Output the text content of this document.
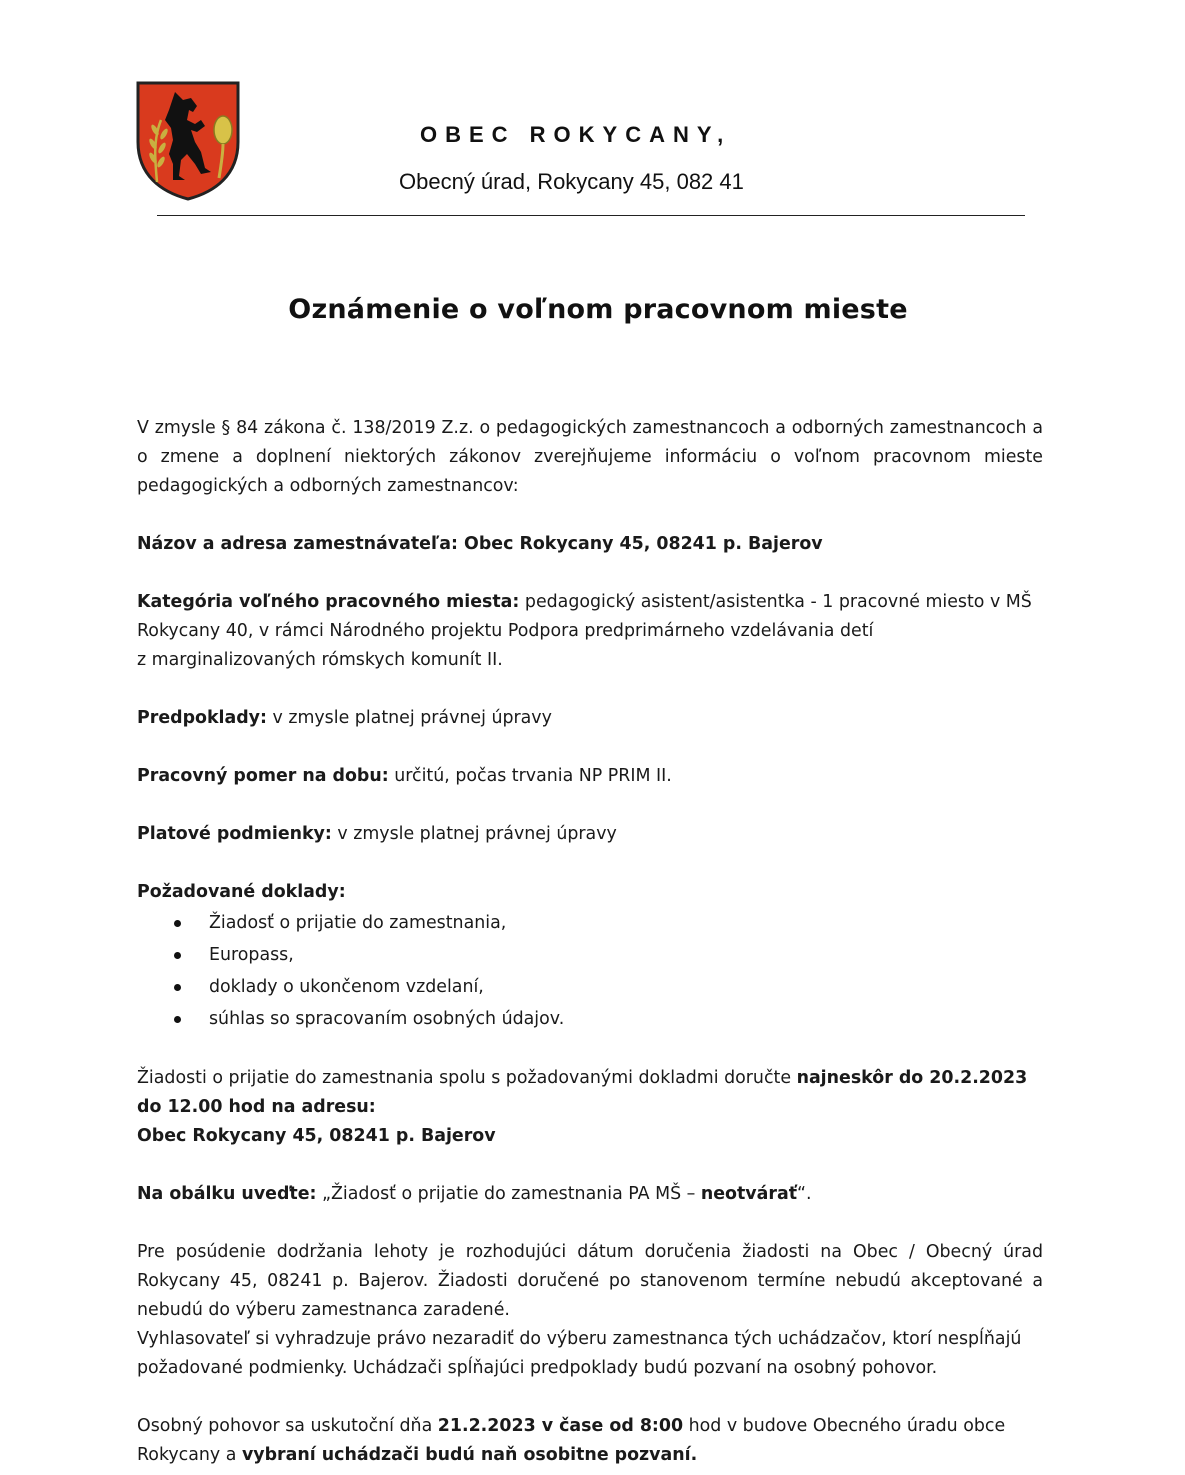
OBEC ROKYCANY,
Obecný úrad, Rokycany 45, 082 41
Oznámenie o voľnom pracovnom mieste

V zmysle § 84 zákona č. 138/2019 Z.z. o pedagogických zamestnancoch a odborných zamestnancoch a o zmene a doplnení niektorých zákonov zverejňujeme informáciu o voľnom pracovnom mieste pedagogických a odborných zamestnancov:

Názov a adresa zamestnávateľa: Obec Rokycany 45, 08241 p. Bajerov

Kategória voľného pracovného miesta: pedagogický asistent/asistentka - 1 pracovné miesto v MŠ

Rokycany 40, v rámci Národného projektu Podpora predprimárneho vzdelávania detí

z marginalizovaných rómskych komunít II.

Predpoklady: v zmysle platnej právnej úpravy

Pracovný pomer na dobu: určitú, počas trvania NP PRIM II.

Platové podmienky: v zmysle platnej právnej úpravy

Požadované doklady:

Žiadosť o prijatie do zamestnania,
Europass,
doklady o ukončenom vzdelaní,
súhlas so spracovaním osobných údajov.

Žiadosti o prijatie do zamestnania spolu s požadovanými dokladmi doručte najneskôr do 20.2.2023

do 12.00 hod na adresu:

Obec Rokycany 45, 08241 p. Bajerov

Na obálku uveďte: „Žiadosť o prijatie do zamestnania PA MŠ – neotvárať“.

Pre posúdenie dodržania lehoty je rozhodujúci dátum doručenia žiadosti na Obec / Obecný úrad Rokycany 45, 08241 p. Bajerov. Žiadosti doručené po stanovenom termíne nebudú akceptované a nebudú do výberu zamestnanca zaradené.

Vyhlasovateľ si vyhradzuje právo nezaradiť do výberu zamestnanca tých uchádzačov, ktorí nespĺňajú požadované podmienky. Uchádzači spĺňajúci predpoklady budú pozvaní na osobný pohovor.

Osobný pohovor sa uskutoční dňa 21.2.2023 v čase od 8:00 hod v budove Obecného úradu obce

Rokycany a vybraní uchádzači budú naň osobitne pozvaní.
